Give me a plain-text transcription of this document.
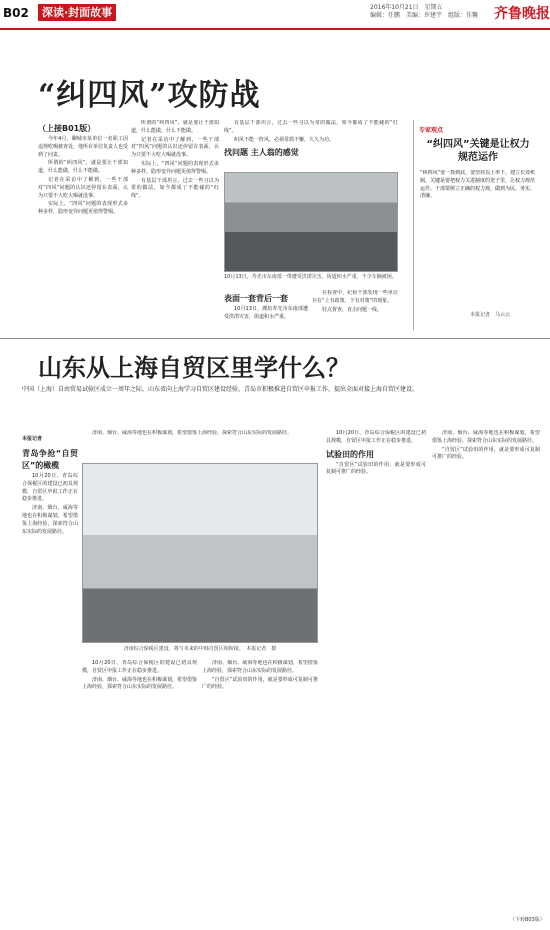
B02	深读·封面故事	2016年10月21日　星期五
编辑：任鹏　美编：许建宇　组版：佳馨	齐鲁晚报
“纠四风”攻防战

（上接B01版）

今年4月，聊城市某单位一名职工因违规吃喝被查处，他所在单位负责人也受到了问责。

所谓的“纠四风”，就是要让干部知道，什么能做，什么不能做。

记者在采访中了解到，一些干部对“四风”问题的认识还停留在表面，认为只要不大吃大喝就没事。

实际上，“四风”问题的表现形式多种多样，隐形变异问题更值得警惕。

所谓的“纠四风”，就是要让干部知道，什么能做，什么不能做。

记者在采访中了解到，一些干部对“四风”问题的认识还停留在表面，认为只要不大吃大喝就没事。

实际上，“四风”问题的表现形式多种多样，隐形变异问题更值得警惕。

有基层干部坦言，过去一些习以为常的做法，如今都成了不能碰的“红线”。

有基层干部坦言，过去一些习以为常的做法，如今都成了不能碰的“红线”。

纠风不能一阵风，必须常抓不懈，久久为功。

找问题 主人翁的感觉

10月13日，寿光市东南部一带遭受洪涝灾害，街道积水严重，不少车辆被困。

表面一套背后一套

10月13日，潍坊寿光市东南部遭受洪涝灾害，街道积水严重。

在检查中，纪检干部发现一些单位存在“上有政策、下有对策”的现象。

驻点督查，直击问题一线。

专家观点
“纠四风”关键是让权力规范运作
“纠四风”要一抓到底，要坚持以上率下，建立长效机制。关键是要把权力关进制度的笼子里，让权力规范运作。干部要树立正确的权力观，做到为民、务实、清廉。
本报记者　马云云
山东从上海自贸区里学什么？
中国（上海）自由贸易试验区成立一周年之际，山东省向上海学习自贸区建设经验。青岛市积极推进自贸区申报工作，提出全面对接上海自贸区建设。

本报记者

青岛争抢“自贸区”的橄榄

10月20日，青岛综合保税区的建设已初具规模，自贸区申报工作正在稳步推进。

济南、烟台、威海等地也在积极谋划，希望借鉴上海经验，探索符合山东实际的发展路径。

济南、烟台、威海等地也在积极谋划，希望借鉴上海经验，探索符合山东实际的发展路径。

济南综合保税区建设，将与未来的中韩自贸区相衔接。　本报记者　摄

10月20日，青岛综合保税区的建设已初具规模，自贸区申报工作正在稳步推进。

济南、烟台、威海等地也在积极谋划，希望借鉴上海经验，探索符合山东实际的发展路径。

济南、烟台、威海等地也在积极谋划，希望借鉴上海经验，探索符合山东实际的发展路径。

“自贸区”试验田的作用，就是要形成可复制可推广的经验。

10月20日，青岛综合保税区的建设已初具规模，自贸区申报工作正在稳步推进。

试验田的作用

“自贸区”试验田的作用，就是要形成可复制可推广的经验。

济南、烟台、威海等地也在积极谋划，希望借鉴上海经验，探索符合山东实际的发展路径。

“自贸区”试验田的作用，就是要形成可复制可推广的经验。

（下转B03版）
